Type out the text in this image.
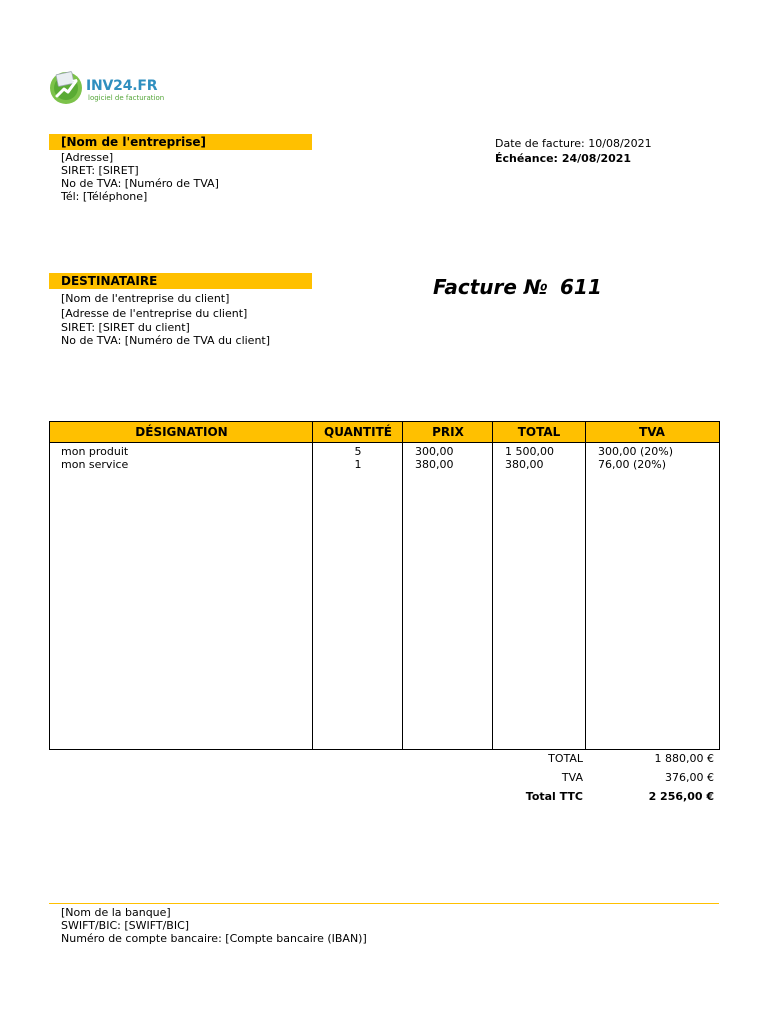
INV24.FR
logiciel de facturation
[Nom de l'entreprise]
[Adresse]
SIRET: [SIRET]
No de TVA: [Numéro de TVA]
Tél: [Téléphone]
Date de facture: 10/08/2021
Échéance: 24/08/2021
DESTINATAIRE
[Nom de l'entreprise du client]
[Adresse de l'entreprise du client]
SIRET: [SIRET du client]
No de TVA: [Numéro de TVA du client]
Facture № 611
DÉSIGNATION	QUANTITÉ	PRIX	TOTAL	TVA
mon produit	5	300,00	1 500,00	300,00 (20%)
mon service	1	380,00	380,00	76,00 (20%)
TOTAL	1 880,00 €
TVA	376,00 €
Total TTC	2 256,00 €
[Nom de la banque]
SWIFT/BIC: [SWIFT/BIC]
Numéro de compte bancaire: [Compte bancaire (IBAN)]
